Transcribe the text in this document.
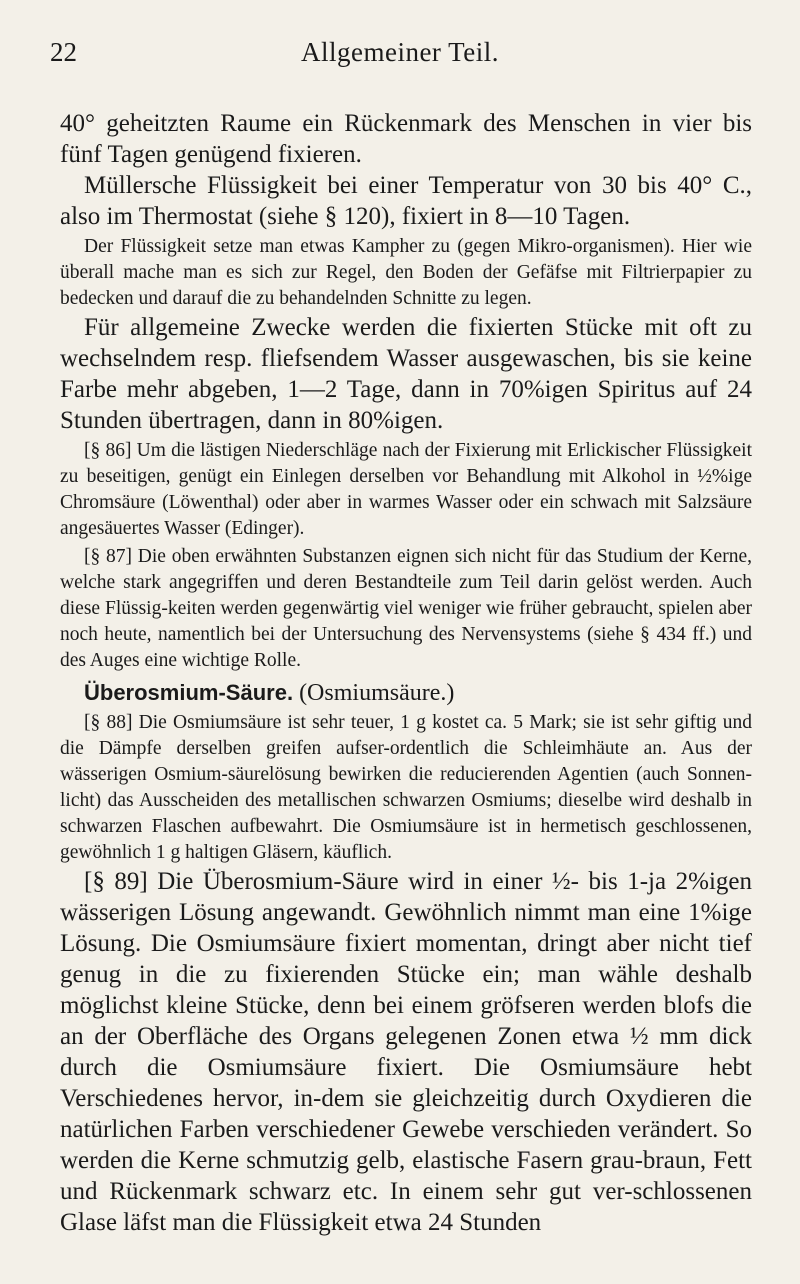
22	Allgemeiner Teil.

40° geheitzten Raume ein Rückenmark des Menschen in vier bis fünf Tagen genügend fixieren.

Müllersche Flüssigkeit bei einer Temperatur von 30 bis 40° C., also im Thermostat (siehe § 120), fixiert in 8—10 Tagen.

Der Flüssigkeit setze man etwas Kampher zu (gegen Mikro-organismen). Hier wie überall mache man es sich zur Regel, den Boden der Gefäfse mit Filtrierpapier zu bedecken und darauf die zu behandelnden Schnitte zu legen.

Für allgemeine Zwecke werden die fixierten Stücke mit oft zu wechselndem resp. fliefsendem Wasser ausgewaschen, bis sie keine Farbe mehr abgeben, 1—2 Tage, dann in 70%igen Spiritus auf 24 Stunden übertragen, dann in 80%igen.

[§ 86] Um die lästigen Niederschläge nach der Fixierung mit Erlickischer Flüssigkeit zu beseitigen, genügt ein Einlegen derselben vor Behandlung mit Alkohol in ½%ige Chromsäure (Löwenthal) oder aber in warmes Wasser oder ein schwach mit Salzsäure angesäuertes Wasser (Edinger).

[§ 87] Die oben erwähnten Substanzen eignen sich nicht für das Studium der Kerne, welche stark angegriffen und deren Bestandteile zum Teil darin gelöst werden. Auch diese Flüssig-keiten werden gegenwärtig viel weniger wie früher gebraucht, spielen aber noch heute, namentlich bei der Untersuchung des Nervensystems (siehe § 434 ff.) und des Auges eine wichtige Rolle.

Überosmium-Säure. (Osmiumsäure.)

[§ 88] Die Osmiumsäure ist sehr teuer, 1 g kostet ca. 5 Mark; sie ist sehr giftig und die Dämpfe derselben greifen aufser-ordentlich die Schleimhäute an. Aus der wässerigen Osmium-säurelösung bewirken die reducierenden Agentien (auch Sonnen-licht) das Ausscheiden des metallischen schwarzen Osmiums; dieselbe wird deshalb in schwarzen Flaschen aufbewahrt. Die Osmiumsäure ist in hermetisch geschlossenen, gewöhnlich 1 g haltigen Gläsern, käuflich.

[§ 89] Die Überosmium-Säure wird in einer ½- bis 1-ja 2%igen wässerigen Lösung angewandt. Gewöhnlich nimmt man eine 1%ige Lösung. Die Osmiumsäure fixiert momentan, dringt aber nicht tief genug in die zu fixierenden Stücke ein; man wähle deshalb möglichst kleine Stücke, denn bei einem gröfseren werden blofs die an der Oberfläche des Organs gelegenen Zonen etwa ½ mm dick durch die Osmiumsäure fixiert. Die Osmiumsäure hebt Verschiedenes hervor, in-dem sie gleichzeitig durch Oxydieren die natürlichen Farben verschiedener Gewebe verschieden verändert. So werden die Kerne schmutzig gelb, elastische Fasern grau-braun, Fett und Rückenmark schwarz etc. In einem sehr gut ver-schlossenen Glase läfst man die Flüssigkeit etwa 24 Stunden
